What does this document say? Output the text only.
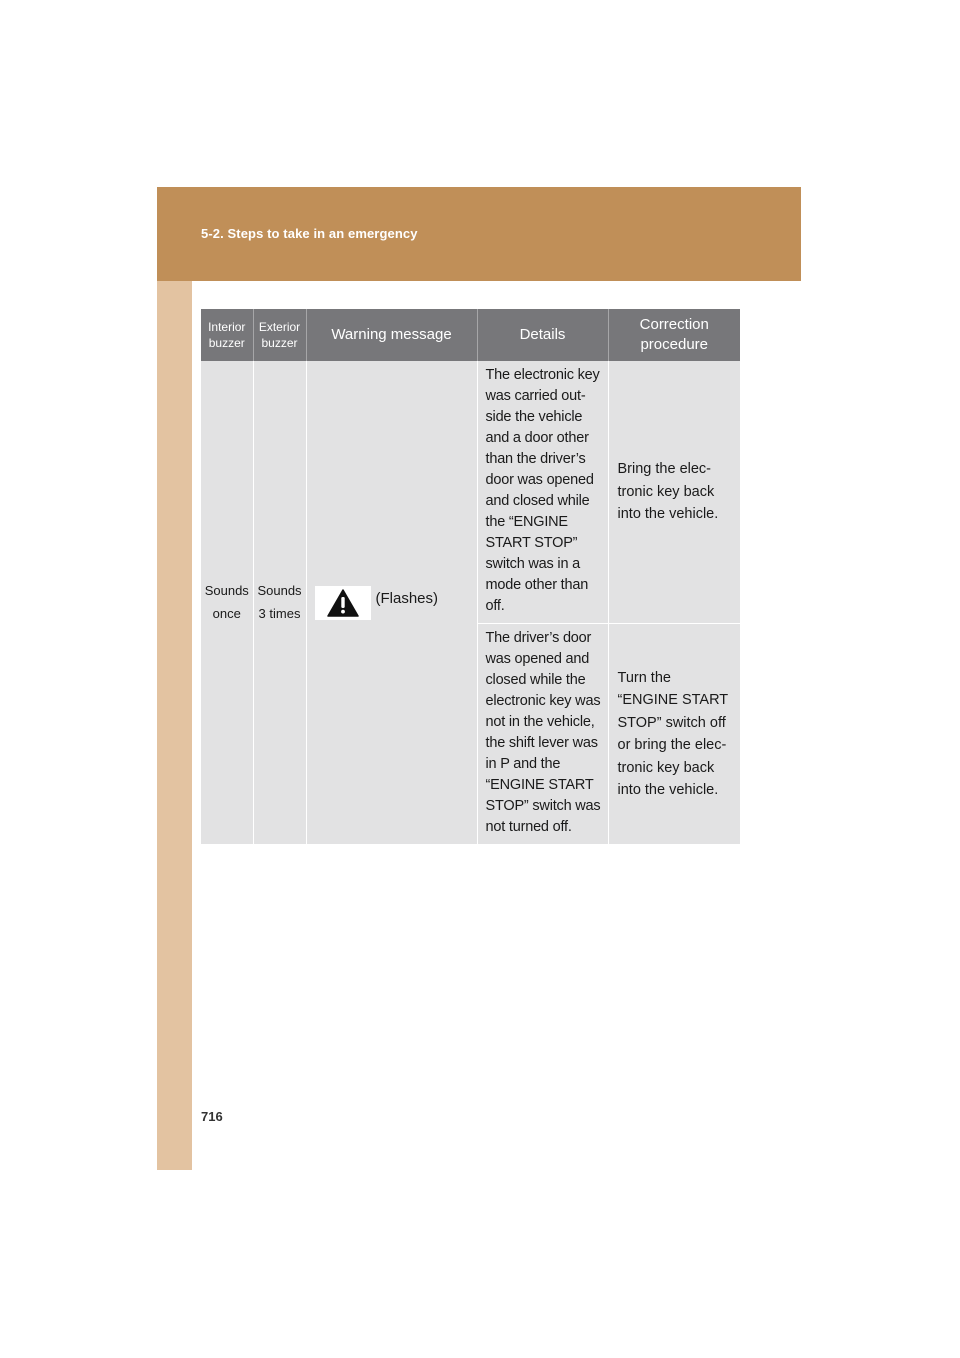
5-2. Steps to take in an emergency
Interior buzzer	Exterior buzzer	Warning message	Details	Correction procedure
Sounds once	Sounds 3 times	(Flashes)	The electronic key was carried outside the vehicle and a door other than the driver’s door was opened and closed while the “ENGINE START STOP” switch was in a mode other than off.	Bring the electronic key back into the vehicle.
			The driver’s door was opened and closed while the electronic key was not in the vehicle, the shift lever was in P and the “ENGINE START STOP” switch was not turned off.	Turn the “ENGINE START STOP” switch off or bring the electronic key back into the vehicle.
716
